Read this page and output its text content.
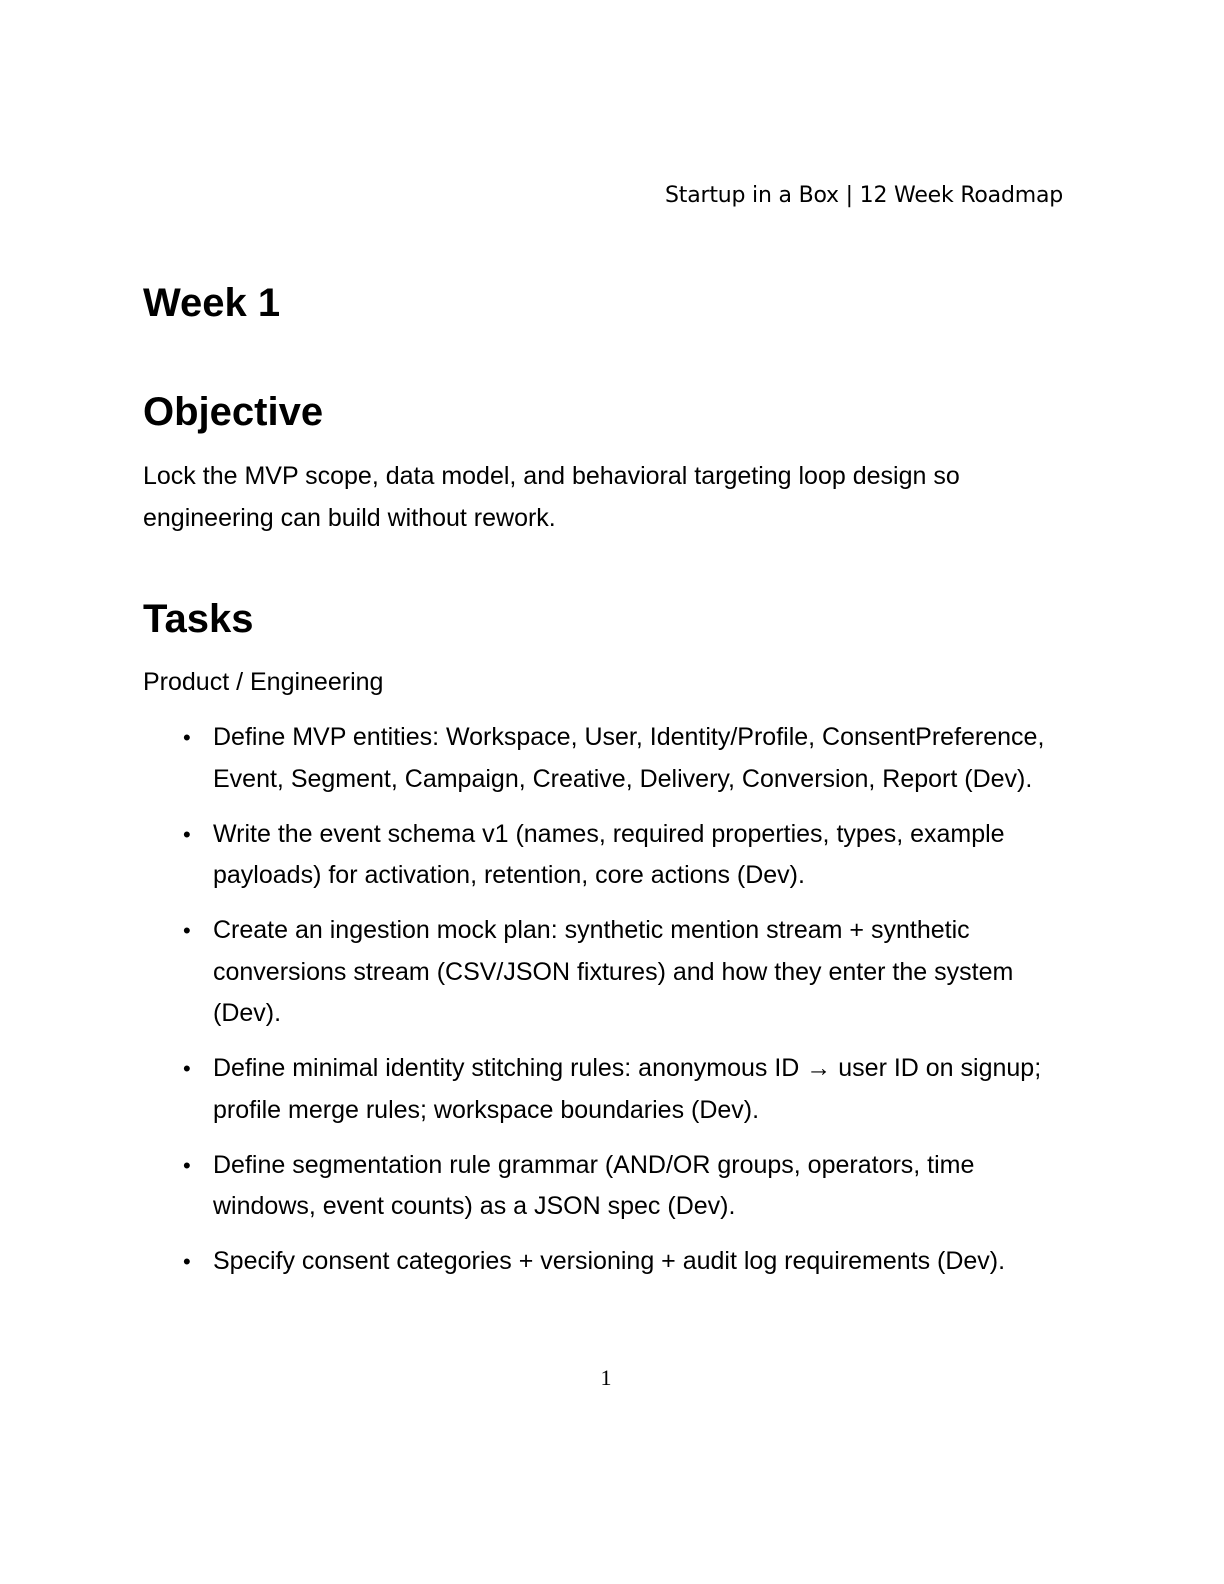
Startup in a Box | 12 Week Roadmap
Week 1
Objective

Lock the MVP scope, data model, and behavioral targeting loop design so engineering can build without rework.

Tasks

Product / Engineering

• Define MVP entities: Workspace, User, Identity/Profile, ConsentPreference, Event, Segment, Campaign, Creative, Delivery, Conversion, Report (Dev).
• Write the event schema v1 (names, required properties, types, example payloads) for activation, retention, core actions (Dev).
• Create an ingestion mock plan: synthetic mention stream + synthetic conversions stream (CSV/JSON fixtures) and how they enter the system (Dev).
• Define minimal identity stitching rules: anonymous ID → user ID on signup; profile merge rules; workspace boundaries (Dev).
• Define segmentation rule grammar (AND/OR groups, operators, time windows, event counts) as a JSON spec (Dev).
• Specify consent categories + versioning + audit log requirements (Dev).
1
